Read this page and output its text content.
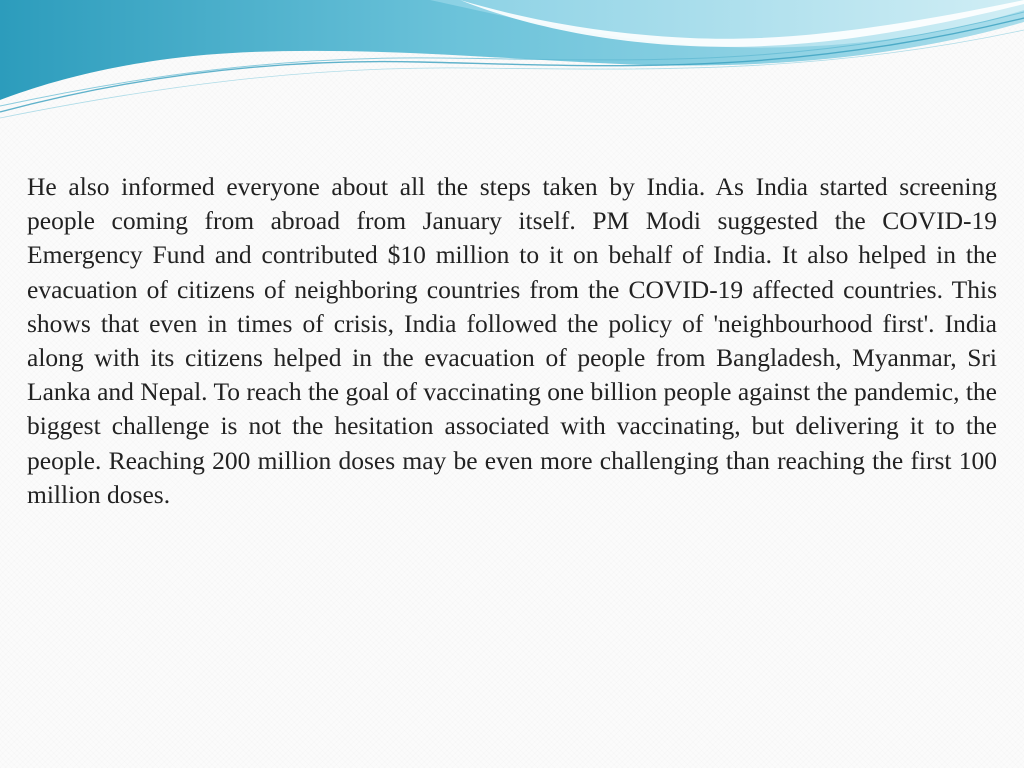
He also informed everyone about all the steps taken by India. As India started screening people coming from abroad from January itself. PM Modi suggested the COVID-19 Emergency Fund and contributed $10 million to it on behalf of India. It also helped in the evacuation of citizens of neighboring countries from the COVID-19 affected countries. This shows that even in times of crisis, India followed the policy of 'neighbourhood first'. India along with its citizens helped in the evacuation of people from Bangladesh, Myanmar, Sri Lanka and Nepal. To reach the goal of vaccinating one billion people against the pandemic, the biggest challenge is not the hesitation associated with vaccinating, but delivering it to the people. Reaching 200 million doses may be even more challenging than reaching the first 100 million doses.
